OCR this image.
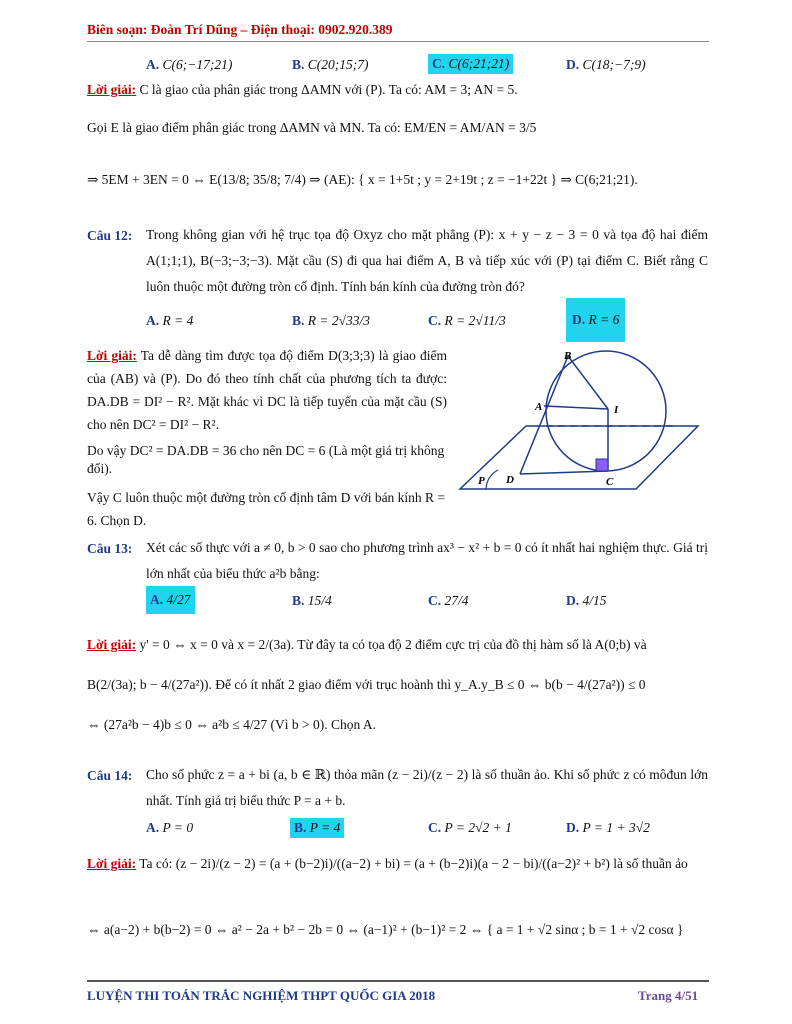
Biên soạn: Đoàn Trí Dũng – Điện thoại: 0902.920.389
A. C(6;−17;21)	B. C(20;15;7)	C. C(6;21;21)	D. C(18;−7;9)
Lời giải: C là giao của phân giác trong ΔAMN với (P). Ta có: AM = 3; AN = 5.
Gọi E là giao điểm phân giác trong ΔAMN và MN. Ta có: EM/EN = AM/AN = 3/5
⇒ 5EM + 3EN = 0 ⇔ E(13/8; 35/8; 7/4) ⇒ (AE): { x = 1+5t ; y = 2+19t ; z = −1+22t } ⇒ C(6;21;21).
Câu 12: Trong không gian với hệ trục tọa độ Oxyz cho mặt phẳng (P): x + y − z − 3 = 0 và tọa độ hai điểm A(1;1;1), B(−3;−3;−3). Mặt cầu (S) đi qua hai điểm A, B và tiếp xúc với (P) tại điểm C. Biết rằng C luôn thuộc một đường tròn cố định. Tính bán kính của đường tròn đó?
A. R = 4	B. R = 2√33/3	C. R = 2√11/3	D. R = 6
Lời giải: Ta dễ dàng tìm được tọa độ điểm D(3;3;3) là giao điểm của (AB) và (P). Do đó theo tính chất của phương tích ta được: DA.DB = DI² − R². Mặt khác vì DC là tiếp tuyến của mặt cầu (S) cho nên DC² = DI² − R².
Do vậy DC² = DA.DB = 36 cho nên DC = 6 (Là một giá trị không đổi).
Vậy C luôn thuộc một đường tròn cố định tâm D với bán kính R = 6. Chọn D.
B
A	I
P D	C
Câu 13: Xét các số thực với a ≠ 0, b > 0 sao cho phương trình ax³ − x² + b = 0 có ít nhất hai nghiệm thực. Giá trị lớn nhất của biểu thức a²b bằng:
A. 4/27	B. 15/4	C. 27/4	D. 4/15
Lời giải: y' = 0 ⇔ x = 0 và x = 2/(3a). Từ đây ta có tọa độ 2 điểm cực trị của đồ thị hàm số là A(0;b) và
B(2/(3a); b − 4/(27a²)). Để có ít nhất 2 giao điểm với trục hoành thì y_A.y_B ≤ 0 ⇔ b(b − 4/(27a²)) ≤ 0
⇔ (27a²b − 4)b ≤ 0 ⇔ a²b ≤ 4/27 (Vì b > 0). Chọn A.
Câu 14: Cho số phức z = a + bi (a, b ∈ ℝ) thỏa mãn (z − 2i)/(z − 2) là số thuần ảo. Khi số phức z có môđun lớn nhất. Tính giá trị biểu thức P = a + b.
A. P = 0	B. P = 4	C. P = 2√2 + 1	D. P = 1 + 3√2
Lời giải: Ta có: (z − 2i)/(z − 2) = (a + (b−2)i)/((a−2) + bi) = (a + (b−2)i)(a − 2 − bi)/((a−2)² + b²) là số thuần ảo
⇔ a(a−2) + b(b−2) = 0 ⇔ a² − 2a + b² − 2b = 0 ⇔ (a−1)² + (b−1)² = 2 ⇔ { a = 1 + √2 sinα ; b = 1 + √2 cosα }
LUYỆN THI TOÁN TRẮC NGHIỆM THPT QUỐC GIA 2018	Trang 4/51
